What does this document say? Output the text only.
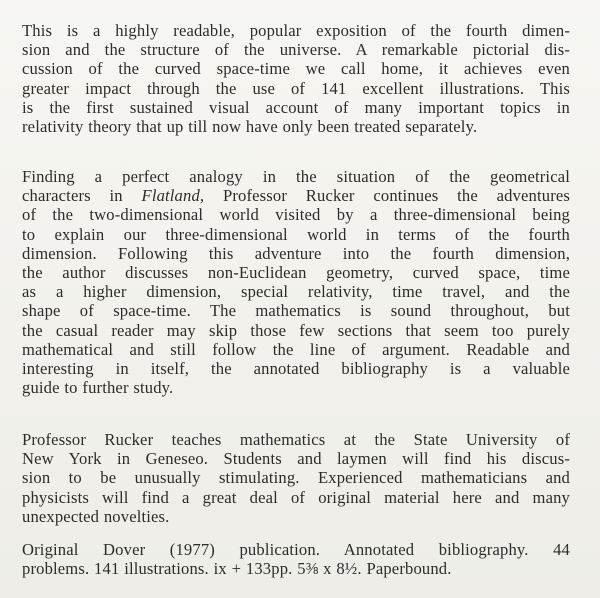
This is a highly readable, popular exposition of the fourth dimen-
sion and the structure of the universe. A remarkable pictorial dis-
cussion of the curved space-time we call home, it achieves even
greater impact through the use of 141 excellent illustrations. This
is the first sustained visual account of many important topics in
relativity theory that up till now have only been treated separately.
Finding a perfect analogy in the situation of the geometrical
characters in Flatland, Professor Rucker continues the adventures
of the two-dimensional world visited by a three-dimensional being
to explain our three-dimensional world in terms of the fourth
dimension. Following this adventure into the fourth dimension,
the author discusses non-Euclidean geometry, curved space, time
as a higher dimension, special relativity, time travel, and the
shape of space-time. The mathematics is sound throughout, but
the casual reader may skip those few sections that seem too purely
mathematical and still follow the line of argument. Readable and
interesting in itself, the annotated bibliography is a valuable
guide to further study.
Professor Rucker teaches mathematics at the State University of
New York in Geneseo. Students and laymen will find his discus-
sion to be unusually stimulating. Experienced mathematicians and
physicists will find a great deal of original material here and many
unexpected novelties.
Original Dover (1977) publication. Annotated bibliography. 44
problems. 141 illustrations. ix + 133pp. 5⅜ x 8½. Paperbound.
